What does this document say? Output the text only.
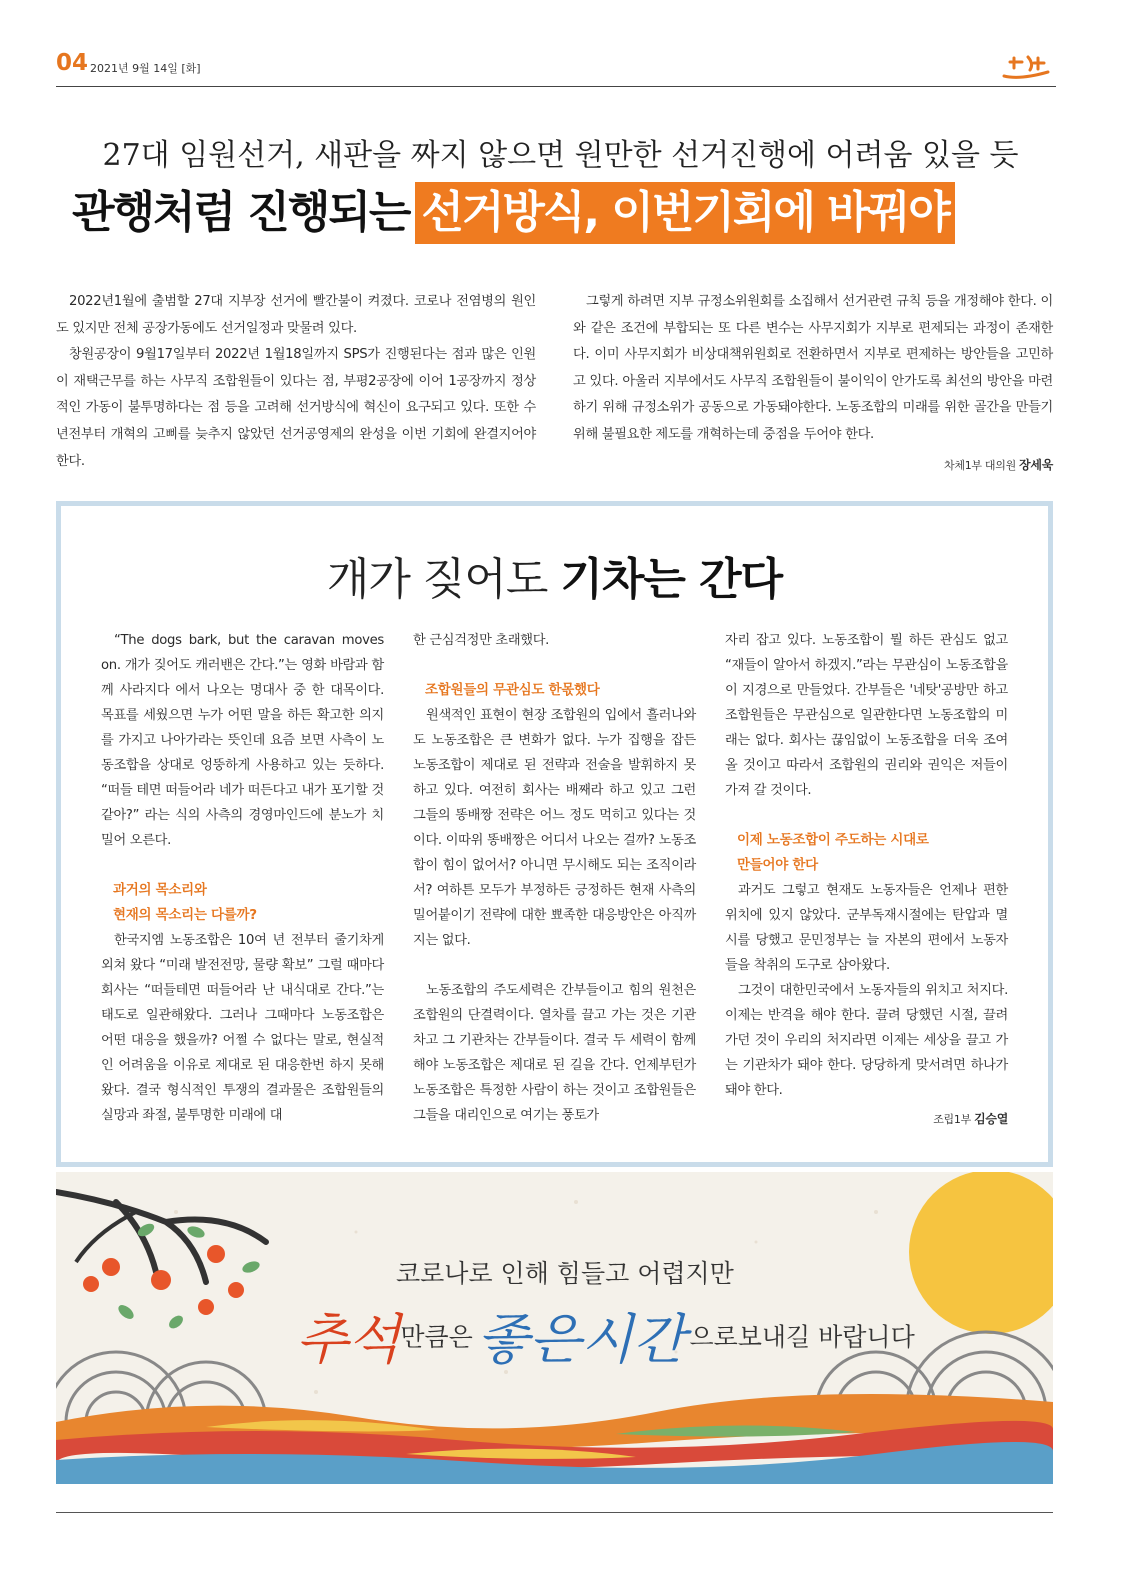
04 2021년 9월 14일 [화]
27대 임원선거, 새판을 짜지 않으면 원만한 선거진행에 어려움 있을 듯
관행처럼 진행되는 선거방식, 이번기회에 바꿔야

2022년1월에 출범할 27대 지부장 선거에 빨간불이 켜졌다. 코로나 전염병의 원인도 있지만 전체 공장가동에도 선거일정과 맞물려 있다.

창원공장이 9월17일부터 2022년 1월18일까지 SPS가 진행된다는 점과 많은 인원이 재택근무를 하는 사무직 조합원들이 있다는 점, 부평2공장에 이어 1공장까지 정상적인 가동이 불투명하다는 점 등을 고려해 선거방식에 혁신이 요구되고 있다. 또한 수년전부터 개혁의 고삐를 늦추지 않았던 선거공영제의 완성을 이번 기회에 완결지어야 한다.

그렇게 하려면 지부 규정소위원회를 소집해서 선거관련 규칙 등을 개정해야 한다. 이와 같은 조건에 부합되는 또 다른 변수는 사무지회가 지부로 편제되는 과정이 존재한다. 이미 사무지회가 비상대책위원회로 전환하면서 지부로 편제하는 방안들을 고민하고 있다. 아울러 지부에서도 사무직 조합원들이 불이익이 안가도록 최선의 방안을 마련하기 위해 규정소위가 공동으로 가동돼야한다. 노동조합의 미래를 위한 골간을 만들기 위해 불필요한 제도를 개혁하는데 중점을 두어야 한다.

차체1부 대의원 장세욱
개가 짖어도 기차는 간다

“The dogs bark, but the caravan moves on. 개가 짖어도 캐러밴은 간다.”는 영화 바람과 함께 사라지다 에서 나오는 명대사 중 한 대목이다. 목표를 세웠으면 누가 어떤 말을 하든 확고한 의지를 가지고 나아가라는 뜻인데 요즘 보면 사측이 노동조합을 상대로 엉뚱하게 사용하고 있는 듯하다. “떠들 테면 떠들어라 네가 떠든다고 내가 포기할 것 같아?” 라는 식의 사측의 경영마인드에 분노가 치밀어 오른다.

과거의 목소리와
현재의 목소리는 다를까?

한국지엠 노동조합은 10여 년 전부터 줄기차게 외쳐 왔다 “미래 발전전망, 물량 확보” 그럴 때마다 회사는 “떠들테면 떠들어라 난 내식대로 간다.”는 태도로 일관해왔다. 그러나 그때마다 노동조합은 어떤 대응을 했을까? 어쩔 수 없다는 말로, 현실적인 어려움을 이유로 제대로 된 대응한번 하지 못해왔다. 결국 형식적인 투쟁의 결과물은 조합원들의 실망과 좌절, 불투명한 미래에 대

한 근심걱정만 초래했다.

조합원들의 무관심도 한몫했다

원색적인 표현이 현장 조합원의 입에서 흘러나와도 노동조합은 큰 변화가 없다. 누가 집행을 잡든 노동조합이 제대로 된 전략과 전술을 발휘하지 못하고 있다. 여전히 회사는 배째라 하고 있고 그런 그들의 똥배짱 전략은 어느 정도 먹히고 있다는 것이다. 이따위 똥배짱은 어디서 나오는 걸까? 노동조합이 힘이 없어서? 아니면 무시해도 되는 조직이라서? 여하튼 모두가 부정하든 긍정하든 현재 사측의 밀어붙이기 전략에 대한 뾰족한 대응방안은 아직까지는 없다.

노동조합의 주도세력은 간부들이고 힘의 원천은 조합원의 단결력이다. 열차를 끌고 가는 것은 기관차고 그 기관차는 간부들이다. 결국 두 세력이 함께해야 노동조합은 제대로 된 길을 간다. 언제부턴가 노동조합은 특정한 사람이 하는 것이고 조합원들은 그들을 대리인으로 여기는 풍토가

자리 잡고 있다. 노동조합이 뭘 하든 관심도 없고 “재들이 알아서 하겠지.”라는 무관심이 노동조합을 이 지경으로 만들었다. 간부들은 '네탓'공방만 하고 조합원들은 무관심으로 일관한다면 노동조합의 미래는 없다. 회사는 끊임없이 노동조합을 더욱 조여 올 것이고 따라서 조합원의 권리와 권익은 저들이 가져 갈 것이다.

이제 노동조합이 주도하는 시대로
만들어야 한다

과거도 그렇고 현재도 노동자들은 언제나 편한 위치에 있지 않았다. 군부독재시절에는 탄압과 멸시를 당했고 문민정부는 늘 자본의 편에서 노동자들을 착취의 도구로 삼아왔다.

그것이 대한민국에서 노동자들의 위치고 처지다. 이제는 반격을 해야 한다. 끌려 당했던 시절, 끌려가던 것이 우리의 처지라면 이제는 세상을 끌고 가는 기관차가 돼야 한다. 당당하게 맞서려면 하나가돼야 한다.

조립1부 김승열
코로나로 인해 힘들고 어렵지만
추석만큼은좋은시간 으로보내길 바랍니다
